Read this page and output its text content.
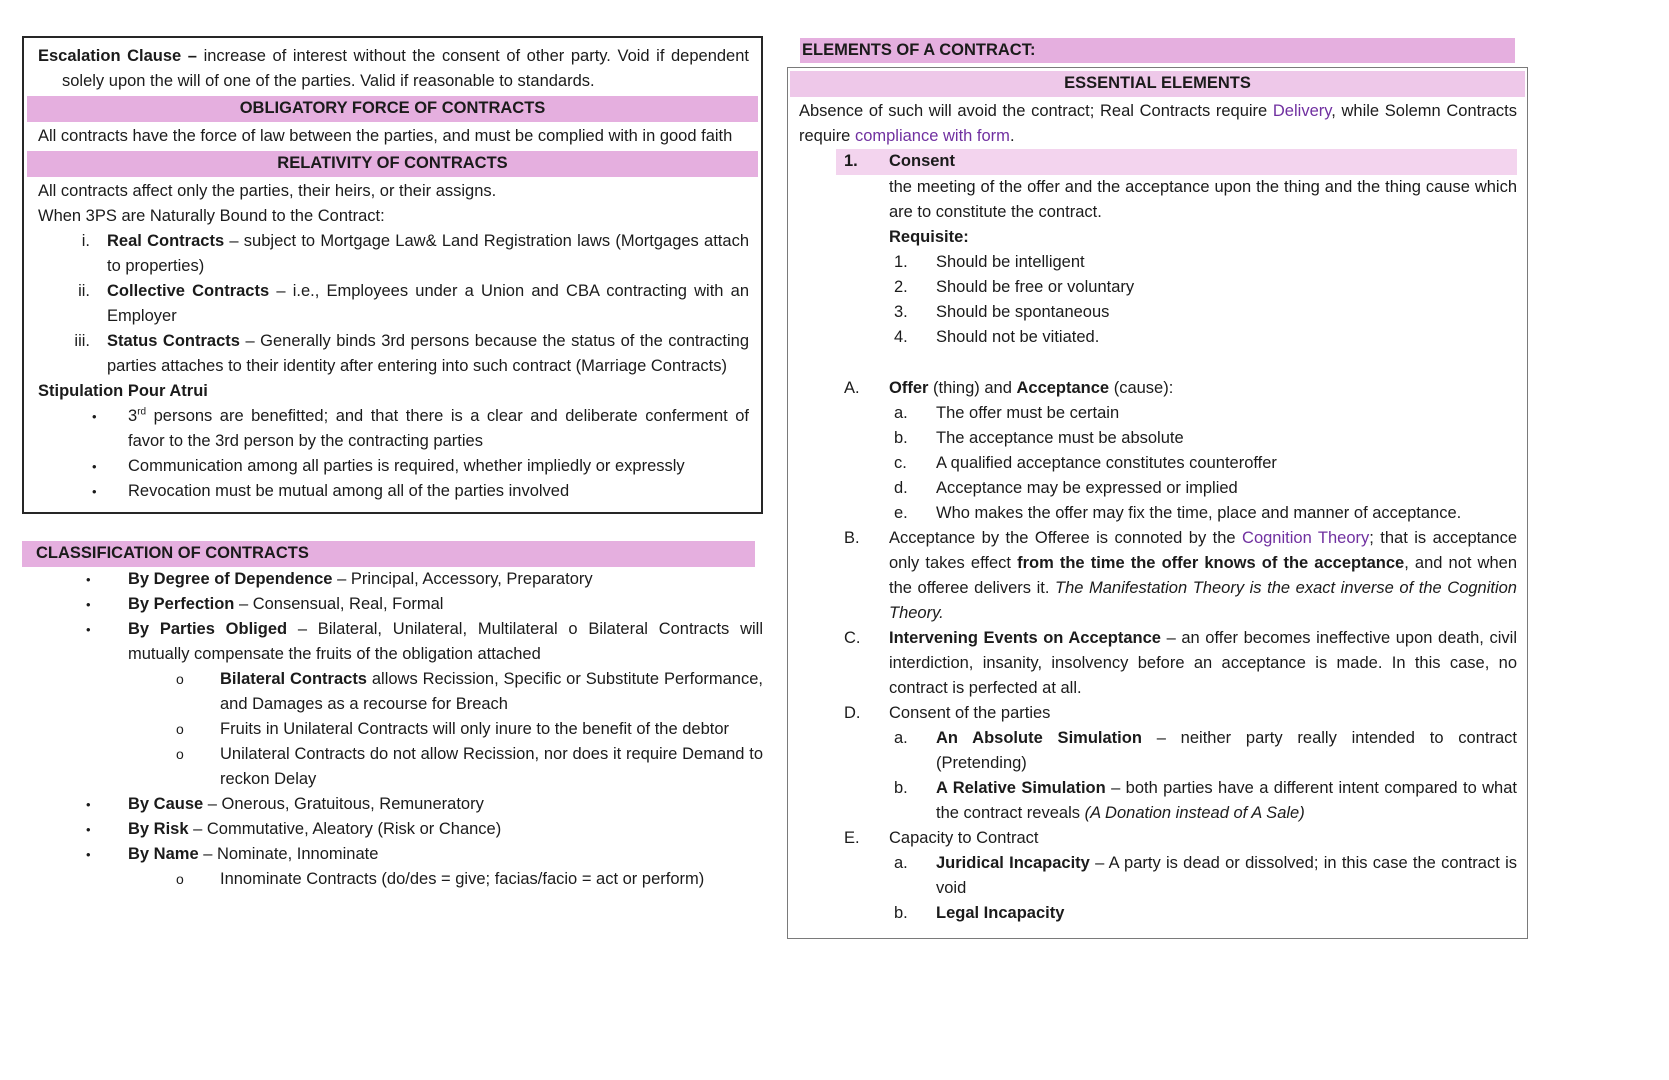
Escalation Clause – increase of interest without the consent of other party. Void if dependent solely upon the will of one of the parties. Valid if reasonable to standards.

OBLIGATORY FORCE OF CONTRACTS

All contracts have the force of law between the parties, and must be complied with in good faith

RELATIVITY OF CONTRACTS

All contracts affect only the parties, their heirs, or their assigns.

When 3PS are Naturally Bound to the Contract:

i.	Real Contracts – subject to Mortgage Law& Land Registration laws (Mortgages attach to properties)
ii.	Collective Contracts – i.e., Employees under a Union and CBA contracting with an Employer
iii.	Status Contracts – Generally binds 3rd persons because the status of the contracting parties attaches to their identity after entering into such contract (Marriage Contracts)

Stipulation Pour Atrui

•	3rd persons are benefitted; and that there is a clear and deliberate conferment of favor to the 3rd person by the contracting parties
•	Communication among all parties is required, whether impliedly or expressly
•	Revocation must be mutual among all of the parties involved
CLASSIFICATION OF CONTRACTS
•	By Degree of Dependence – Principal, Accessory, Preparatory
•	By Perfection – Consensual, Real, Formal
•	By Parties Obliged – Bilateral, Unilateral, Multilateral o Bilateral Contracts will mutually compensate the fruits of the obligation attached
o	Bilateral Contracts allows Recission, Specific or Substitute Performance, and Damages as a recourse for Breach
o	Fruits in Unilateral Contracts will only inure to the benefit of the debtor
o	Unilateral Contracts do not allow Recission, nor does it require Demand to reckon Delay
•	By Cause – Onerous, Gratuitous, Remuneratory
•	By Risk – Commutative, Aleatory (Risk or Chance)
•	By Name – Nominate, Innominate
o	Innominate Contracts (do/des = give; facias/facio = act or perform)
ELEMENTS OF A CONTRACT:
ESSENTIAL ELEMENTS

Absence of such will avoid the contract; Real Contracts require Delivery, while Solemn Contracts require compliance with form.

1.	Consent

the meeting of the offer and the acceptance upon the thing and the thing cause which are to constitute the contract.

Requisite:

1.	Should be intelligent
2.	Should be free or voluntary
3.	Should be spontaneous
4.	Should not be vitiated.
A.	Offer (thing) and Acceptance (cause):

a.	The offer must be certain
b.	The acceptance must be absolute
c.	A qualified acceptance constitutes counteroffer
d.	Acceptance may be expressed or implied
e.	Who makes the offer may fix the time, place and manner of acceptance.
B.	Acceptance by the Offeree is connoted by the Cognition Theory; that is acceptance only takes effect from the time the offer knows of the acceptance, and not when the offeree delivers it. The Manifestation Theory is the exact inverse of the Cognition Theory.
C.	Intervening Events on Acceptance – an offer becomes ineffective upon death, civil interdiction, insanity, insolvency before an acceptance is made. In this case, no contract is perfected at all.
D.	Consent of the parties

a.	An Absolute Simulation – neither party really intended to contract (Pretending)
b.	A Relative Simulation – both parties have a different intent compared to what the contract reveals (A Donation instead of A Sale)
E.	Capacity to Contract

a.	Juridical Incapacity – A party is dead or dissolved; in this case the contract is void
b.	Legal Incapacity
